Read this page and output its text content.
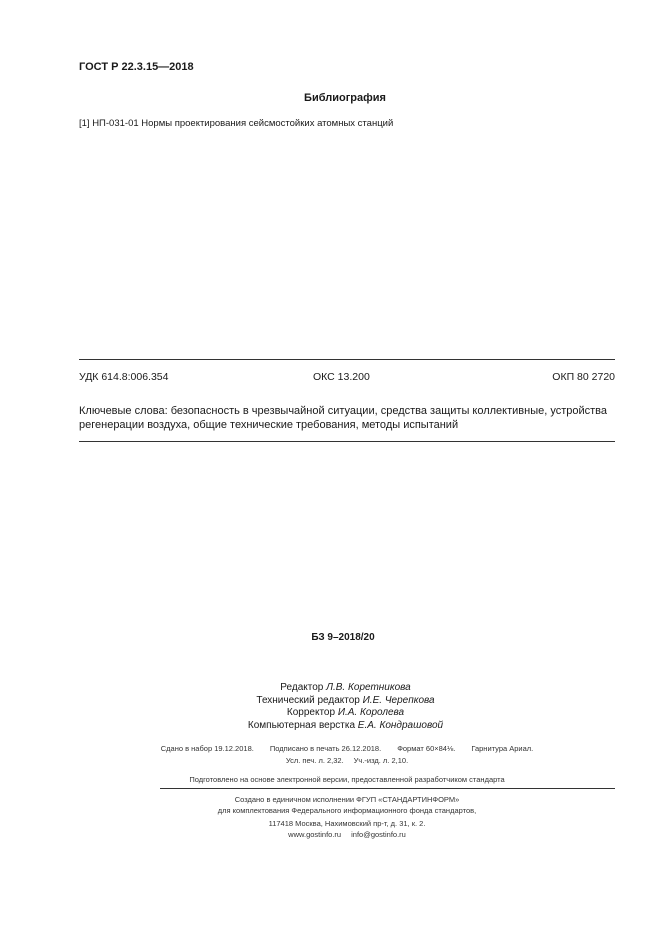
ГОСТ Р 22.3.15—2018
Библиография
[1] НП-031-01 Нормы проектирования сейсмостойких атомных станций
УДК 614.8:006.354	ОКС 13.200	ОКП 80 2720
Ключевые слова: безопасность в чрезвычайной ситуации, средства защиты коллективные, устройства регенерации воздуха, общие технические требования, методы испытаний
БЗ 9–2018/20
Редактор Л.В. Коретникова
Технический редактор И.Е. Черепкова
Корректор И.А. Королева
Компьютерная верстка Е.А. Кондрашовой
Сдано в набор 19.12.2018. Подписано в печать 26.12.2018. Формат 60×84⅛. Гарнитура Ариал.
Усл. печ. л. 2,32. Уч.-изд. л. 2,10.
Подготовлено на основе электронной версии, предоставленной разработчиком стандарта
Создано в единичном исполнении ФГУП «СТАНДАРТИНФОРМ»
для комплектования Федерального информационного фонда стандартов,
117418 Москва, Нахимовский пр-т, д. 31, к. 2.
www.gostinfo.ru info@gostinfo.ru
